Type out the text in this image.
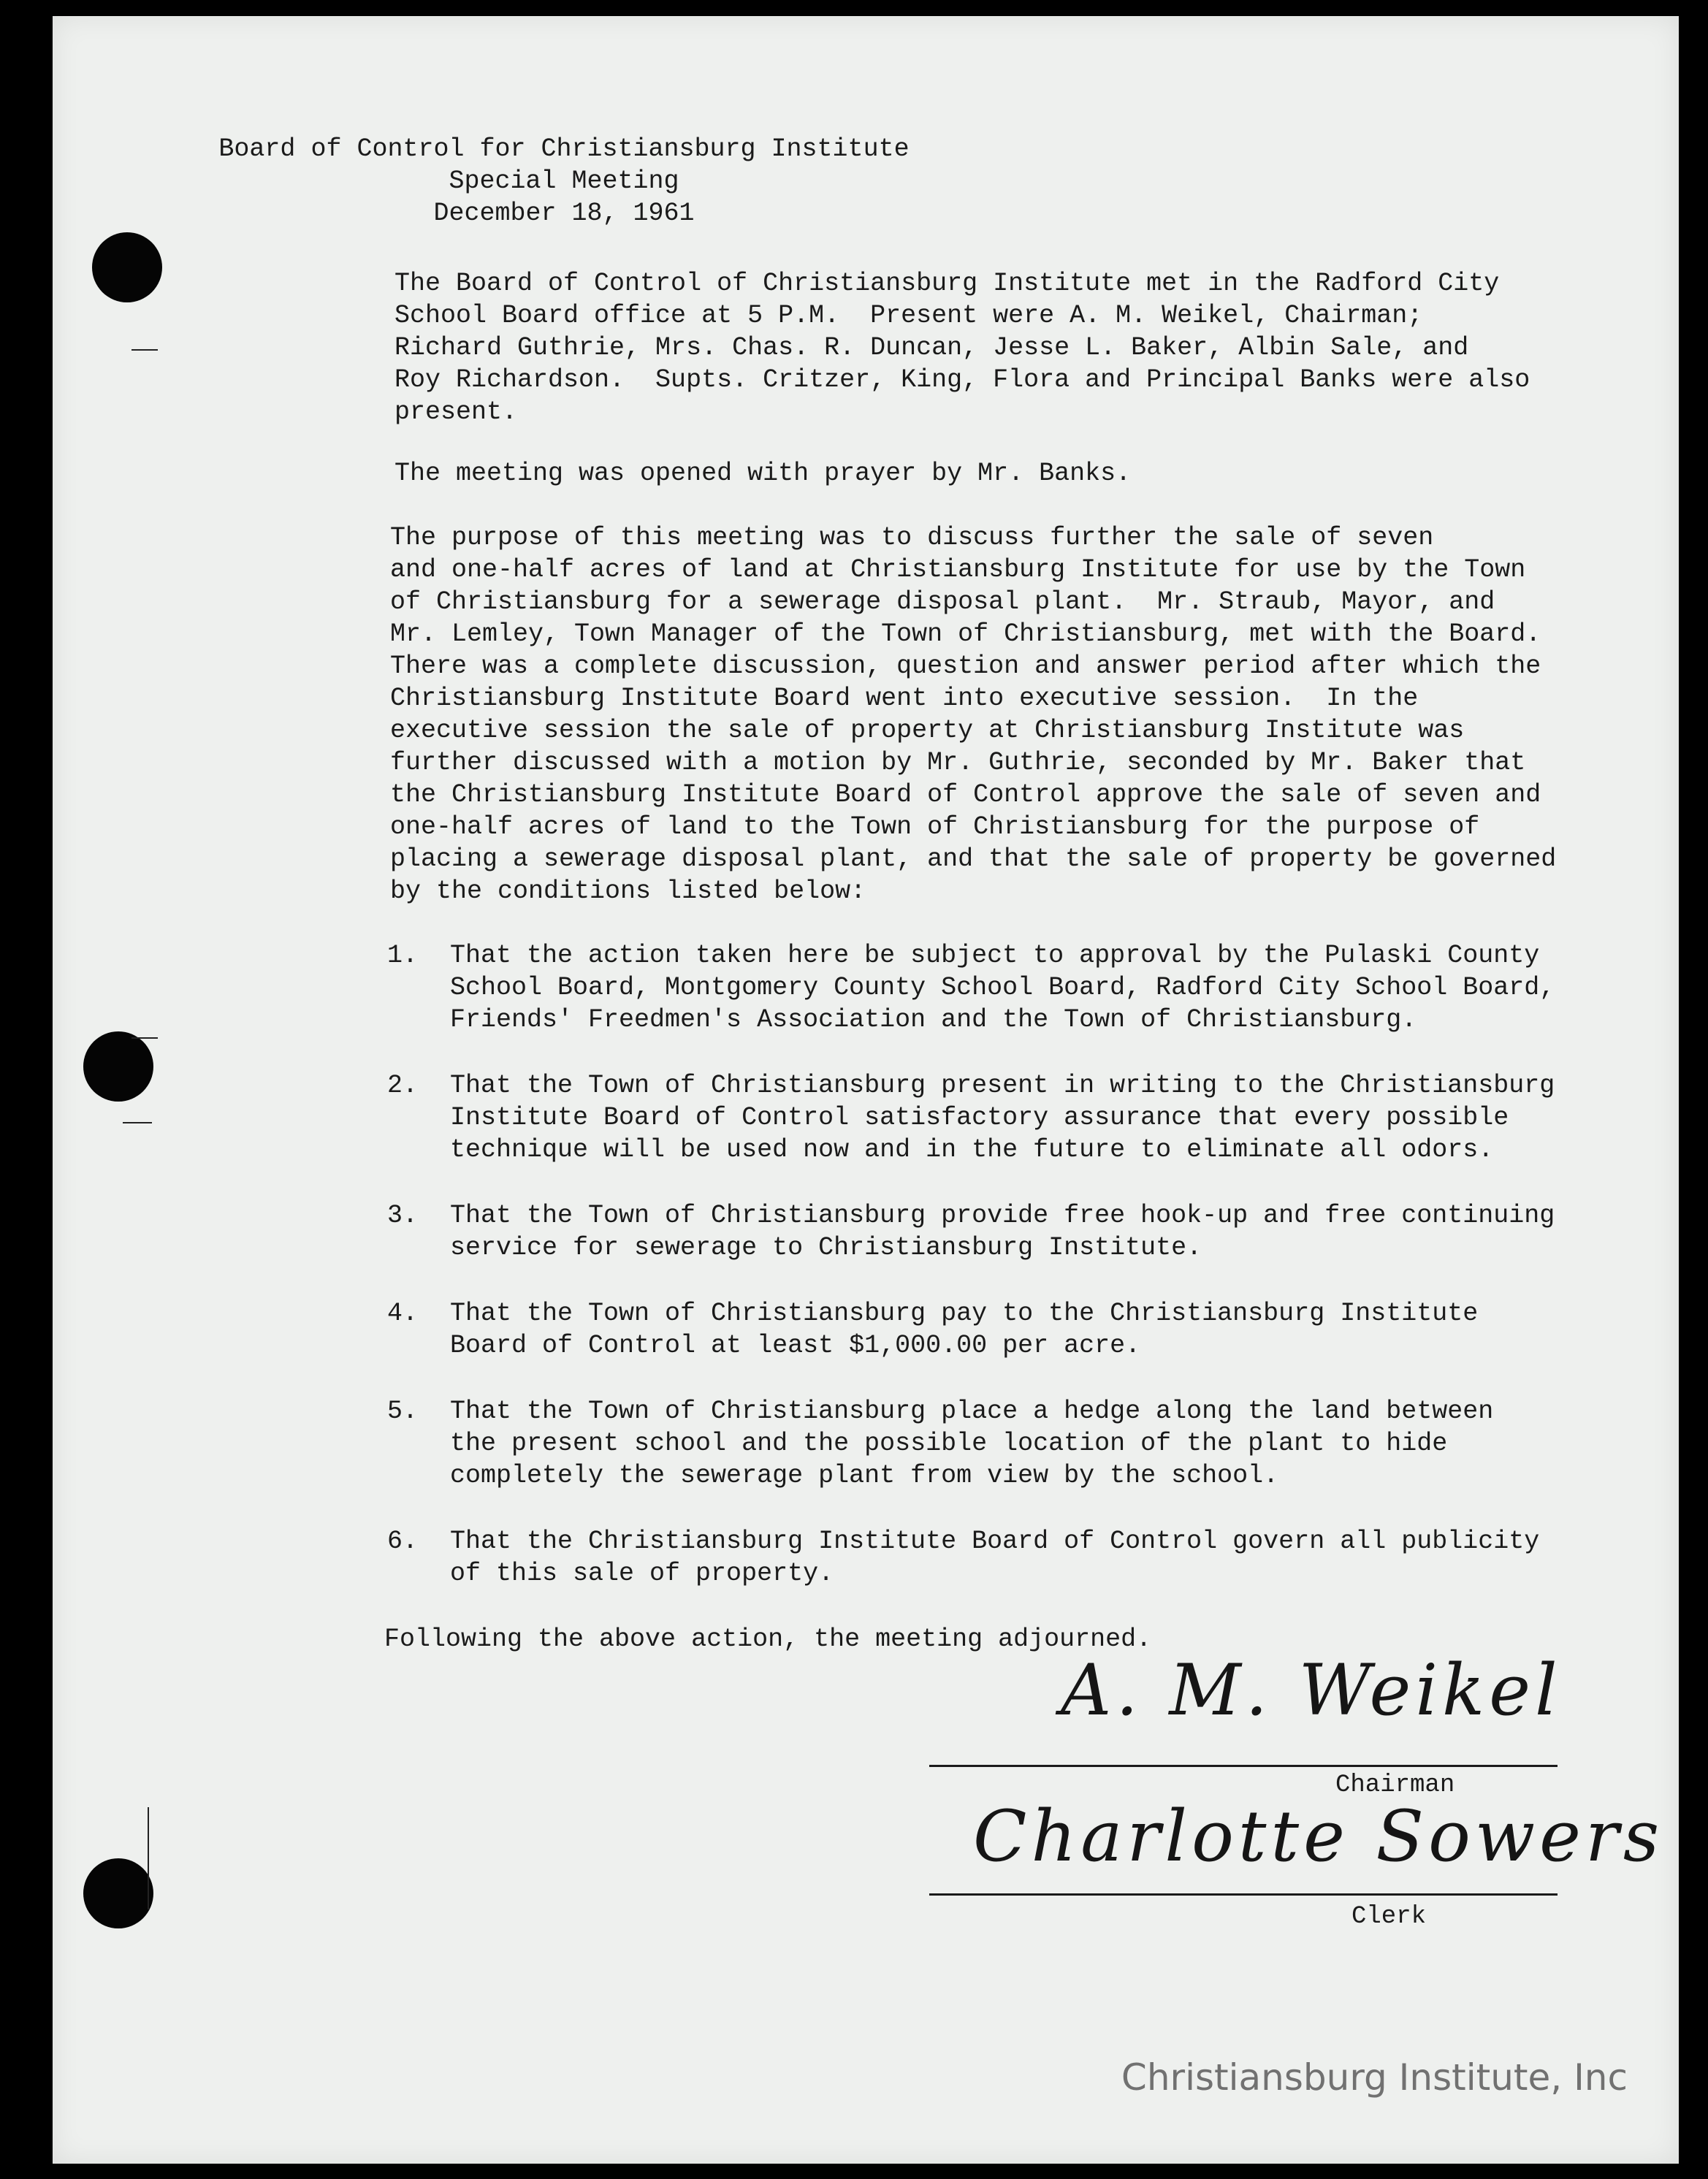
Board of Control for Christiansburg Institute
Special Meeting
December 18, 1961

The Board of Control of Christiansburg Institute met in the Radford City
School Board office at 5 P.M.  Present were A. M. Weikel, Chairman;
Richard Guthrie, Mrs. Chas. R. Duncan, Jesse L. Baker, Albin Sale, and
Roy Richardson.  Supts. Critzer, King, Flora and Principal Banks were also
present.

The meeting was opened with prayer by Mr. Banks.

The purpose of this meeting was to discuss further the sale of seven
and one-half acres of land at Christiansburg Institute for use by the Town
of Christiansburg for a sewerage disposal plant.  Mr. Straub, Mayor, and
Mr. Lemley, Town Manager of the Town of Christiansburg, met with the Board.
There was a complete discussion, question and answer period after which the
Christiansburg Institute Board went into executive session.  In the
executive session the sale of property at Christiansburg Institute was
further discussed with a motion by Mr. Guthrie, seconded by Mr. Baker that
the Christiansburg Institute Board of Control approve the sale of seven and
one-half acres of land to the Town of Christiansburg for the purpose of
placing a sewerage disposal plant, and that the sale of property be governed
by the conditions listed below:

1. That the action taken here be subject to approval by the Pulaski County
School Board, Montgomery County School Board, Radford City School Board,
Friends' Freedmen's Association and the Town of Christiansburg.
2. That the Town of Christiansburg present in writing to the Christiansburg
Institute Board of Control satisfactory assurance that every possible
technique will be used now and in the future to eliminate all odors.
3. That the Town of Christiansburg provide free hook-up and free continuing
service for sewerage to Christiansburg Institute.
4. That the Town of Christiansburg pay to the Christiansburg Institute
Board of Control at least $1,000.00 per acre.
5. That the Town of Christiansburg place a hedge along the land between
the present school and the possible location of the plant to hide
completely the sewerage plant from view by the school.
6. That the Christiansburg Institute Board of Control govern all publicity
of this sale of property.

Following the above action, the meeting adjourned.

A. M. Weikel
Chairman
Charlotte Sowers
Clerk
Christiansburg Institute, Inc
